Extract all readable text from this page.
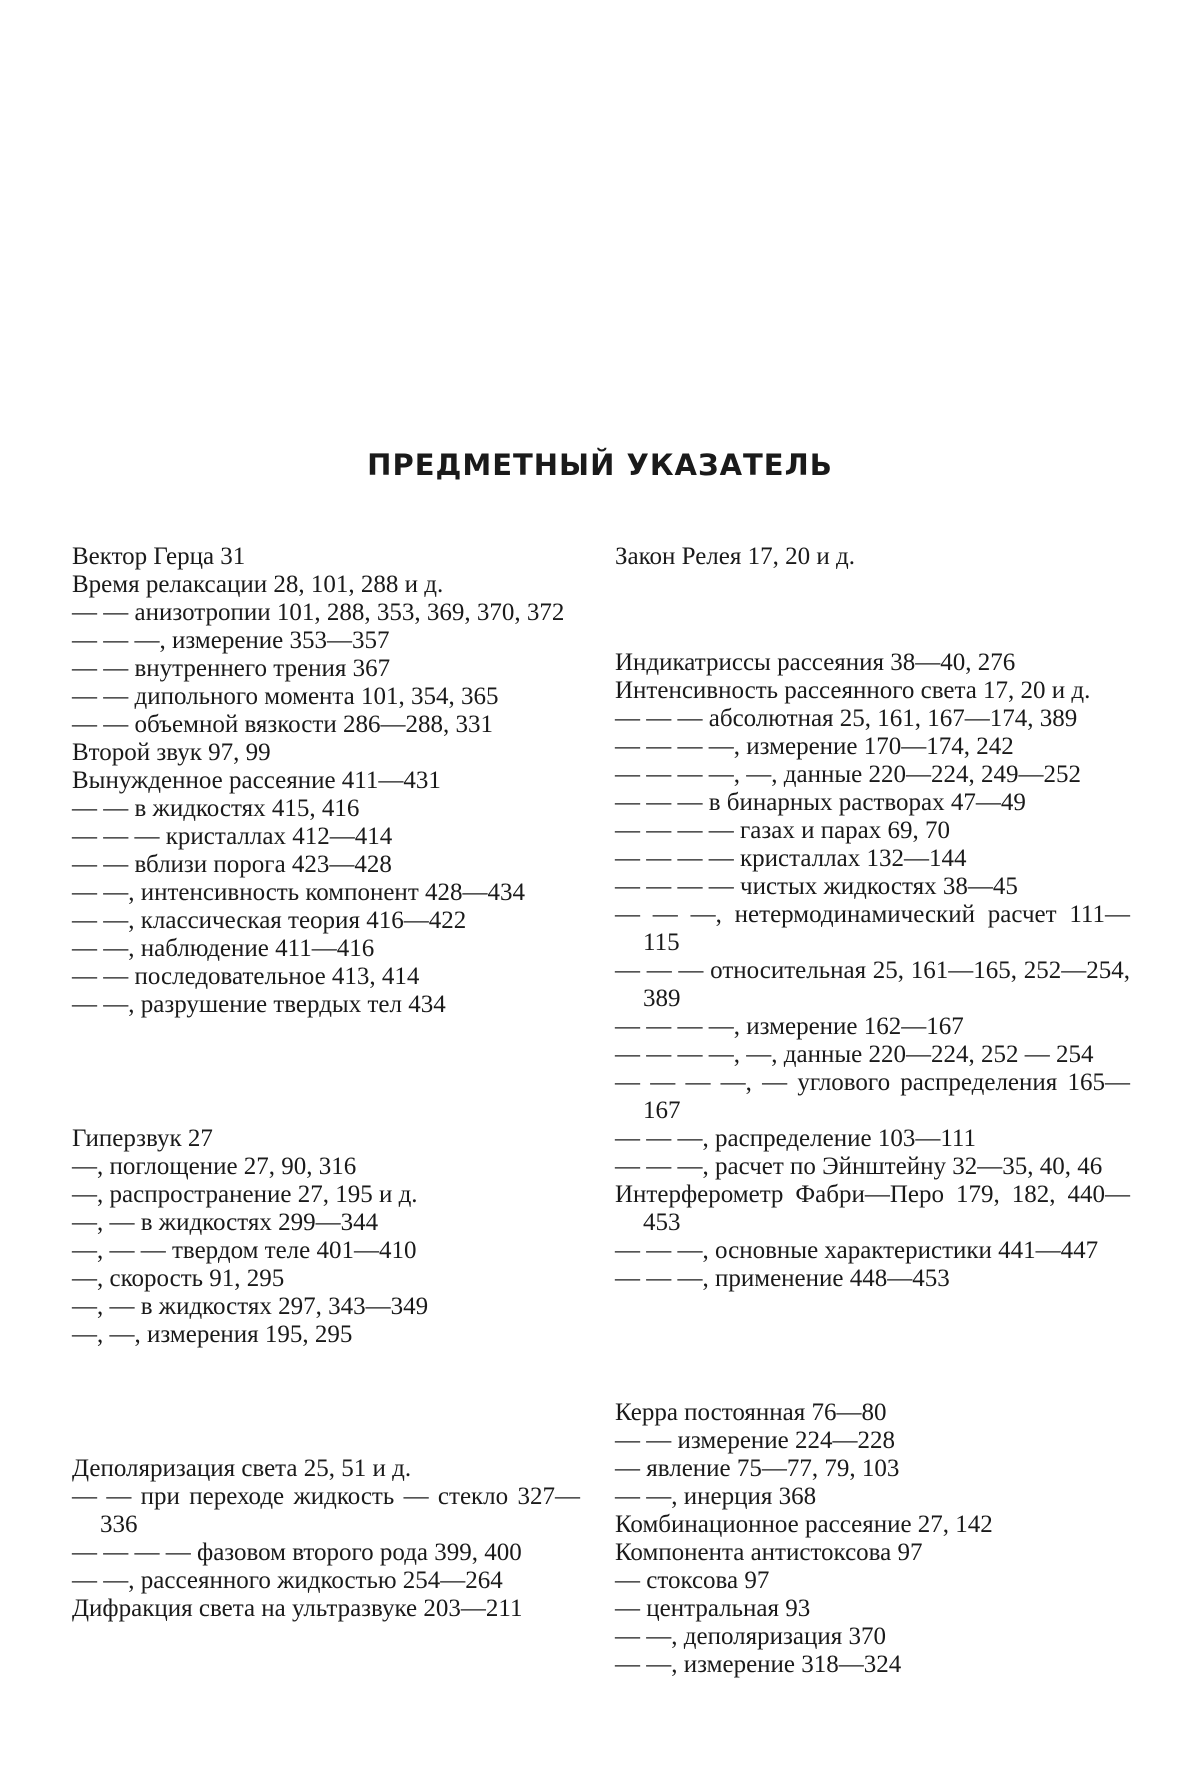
ПРЕДМЕТНЫЙ УКАЗАТЕЛЬ

Вектор Герца 31

Время релаксации 28, 101, 288 и д.

— — анизотропии 101, 288, 353, 369, 370, 372

— — —, измерение 353—357

— — внутреннего трения 367

— — дипольного момента 101, 354, 365

— — объемной вязкости 286—288, 331

Второй звук 97, 99

Вынужденное рассеяние 411—431

— — в жидкостях 415, 416

— — — кристаллах 412—414

— — вблизи порога 423—428

— —, интенсивность компонент 428—434

— —, классическая теория 416—422

— —, наблюдение 411—416

— — последовательное 413, 414

— —, разрушение твердых тел 434

Гиперзвук 27

—, поглощение 27, 90, 316

—, распространение 27, 195 и д.

—, — в жидкостях 299—344

—, — — твердом теле 401—410

—, скорость 91, 295

—, — в жидкостях 297, 343—349

—, —, измерения 195, 295

Деполяризация света 25, 51 и д.

— — при переходе жидкость — стекло 327—336

— — — — фазовом второго рода 399, 400

— —, рассеянного жидкостью 254—264

Дифракция света на ультразвуке 203—211

Закон Релея 17, 20 и д.

Индикатриссы рассеяния 38—40, 276

Интенсивность рассеянного света 17, 20 и д.

— — — абсолютная 25, 161, 167—174, 389

— — — —, измерение 170—174, 242

— — — —, —, данные 220—224, 249—252

— — — в бинарных растворах 47—49

— — — — газах и парах 69, 70

— — — — кристаллах 132—144

— — — — чистых жидкостях 38—45

— — —, нетермодинамический расчет 111—115

— — — относительная 25, 161—165, 252—254, 389

— — — —, измерение 162—167

— — — —, —, данные 220—224, 252 — 254

— — — —, — углового распределения 165—167

— — —, распределение 103—111

— — —, расчет по Эйнштейну 32—35, 40, 46

Интерферометр Фабри—Перо 179, 182, 440—453

— — —, основные характеристики 441—447

— — —, применение 448—453

Керра постоянная 76—80

— — измерение 224—228

— явление 75—77, 79, 103

— —, инерция 368

Комбинационное рассеяние 27, 142

Компонента антистоксова 97

— стоксова 97

— центральная 93

— —, деполяризация 370

— —, измерение 318—324
